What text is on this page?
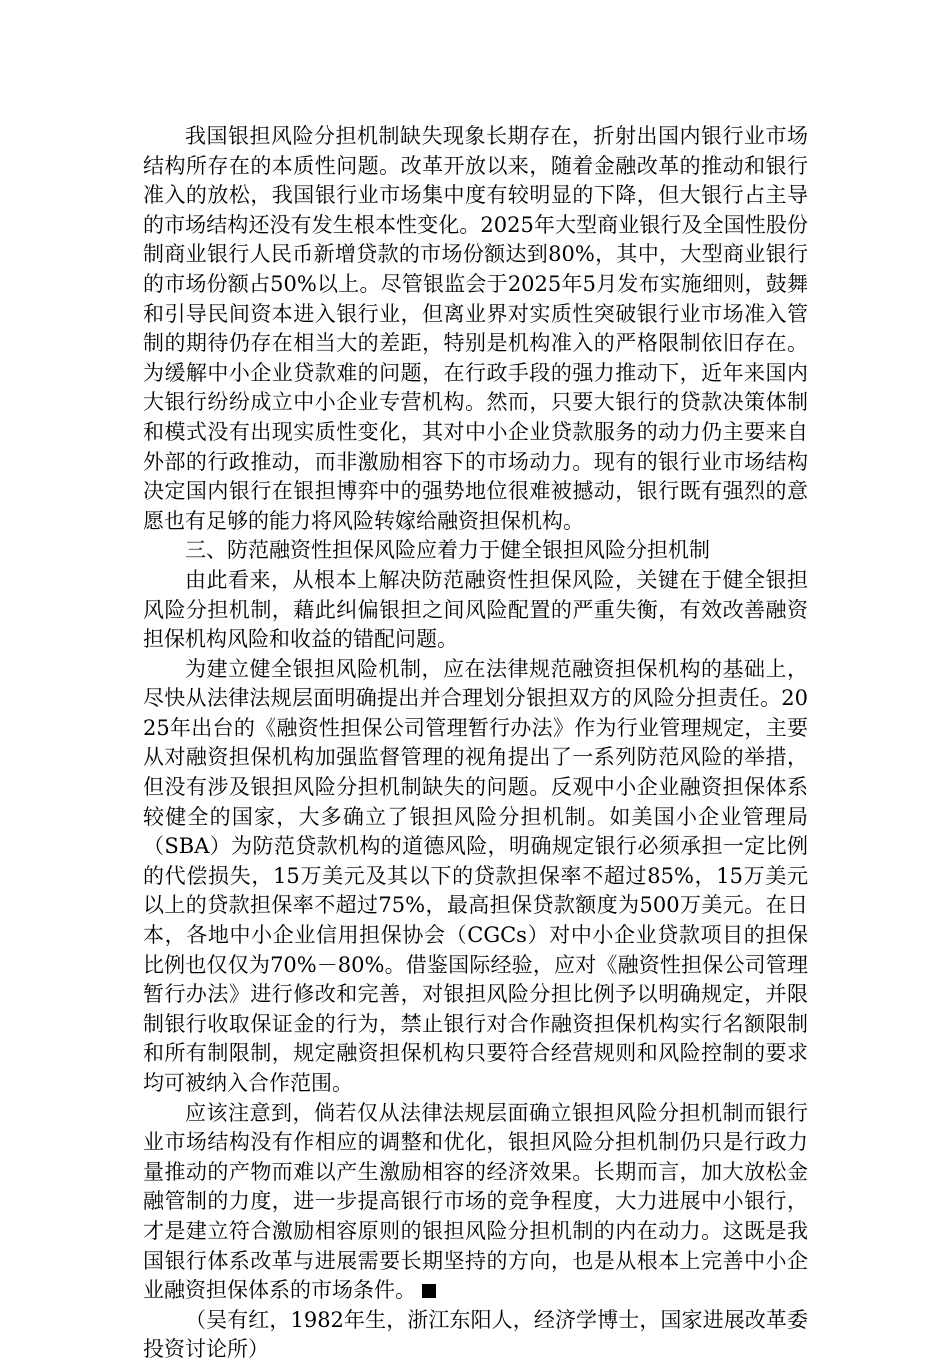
我国银担风险分担机制缺失现象长期存在，折射出国内银行业市场结构所存在的本质性问题。改革开放以来，随着金融改革的推动和银行准入的放松，我国银行业市场集中度有较明显的下降，但大银行占主导的市场结构还没有发生根本性变化。2025年大型商业银行及全国性股份制商业银行人民币新增贷款的市场份额达到80%，其中，大型商业银行的市场份额占50%以上。尽管银监会于2025年5月发布实施细则，鼓舞和引导民间资本进入银行业，但离业界对实质性突破银行业市场准入管制的期待仍存在相当大的差距，特别是机构准入的严格限制依旧存在。为缓解中小企业贷款难的问题，在行政手段的强力推动下，近年来国内大银行纷纷成立中小企业专营机构。然而，只要大银行的贷款决策体制和模式没有出现实质性变化，其对中小企业贷款服务的动力仍主要来自外部的行政推动，而非激励相容下的市场动力。现有的银行业市场结构决定国内银行在银担博弈中的强势地位很难被撼动，银行既有强烈的意愿也有足够的能力将风险转嫁给融资担保机构。

三、防范融资性担保风险应着力于健全银担风险分担机制

由此看来，从根本上解决防范融资性担保风险，关键在于健全银担风险分担机制，藉此纠偏银担之间风险配置的严重失衡，有效改善融资担保机构风险和收益的错配问题。

为建立健全银担风险机制，应在法律规范融资担保机构的基础上，尽快从法律法规层面明确提出并合理划分银担双方的风险分担责任。2025年出台的《融资性担保公司管理暂行办法》作为行业管理规定，主要从对融资担保机构加强监督管理的视角提出了一系列防范风险的举措，但没有涉及银担风险分担机制缺失的问题。反观中小企业融资担保体系较健全的国家，大多确立了银担风险分担机制。如美国小企业管理局（SBA）为防范贷款机构的道德风险，明确规定银行必须承担一定比例的代偿损失，15万美元及其以下的贷款担保率不超过85%，15万美元以上的贷款担保率不超过75%，最高担保贷款额度为500万美元。在日本，各地中小企业信用担保协会（CGCs）对中小企业贷款项目的担保比例也仅仅为70%－80%。借鉴国际经验，应对《融资性担保公司管理暂行办法》进行修改和完善，对银担风险分担比例予以明确规定，并限制银行收取保证金的行为，禁止银行对合作融资担保机构实行名额限制和所有制限制，规定融资担保机构只要符合经营规则和风险控制的要求均可被纳入合作范围。

应该注意到，倘若仅从法律法规层面确立银担风险分担机制而银行业市场结构没有作相应的调整和优化，银担风险分担机制仍只是行政力量推动的产物而难以产生激励相容的经济效果。长期而言，加大放松金融管制的力度，进一步提高银行市场的竞争程度，大力进展中小银行，才是建立符合激励相容原则的银担风险分担机制的内在动力。这既是我国银行体系改革与进展需要长期坚持的方向，也是从根本上完善中小企业融资担保体系的市场条件。

（吴有红，1982年生，浙江东阳人，经济学博士，国家进展改革委投资讨论所）
